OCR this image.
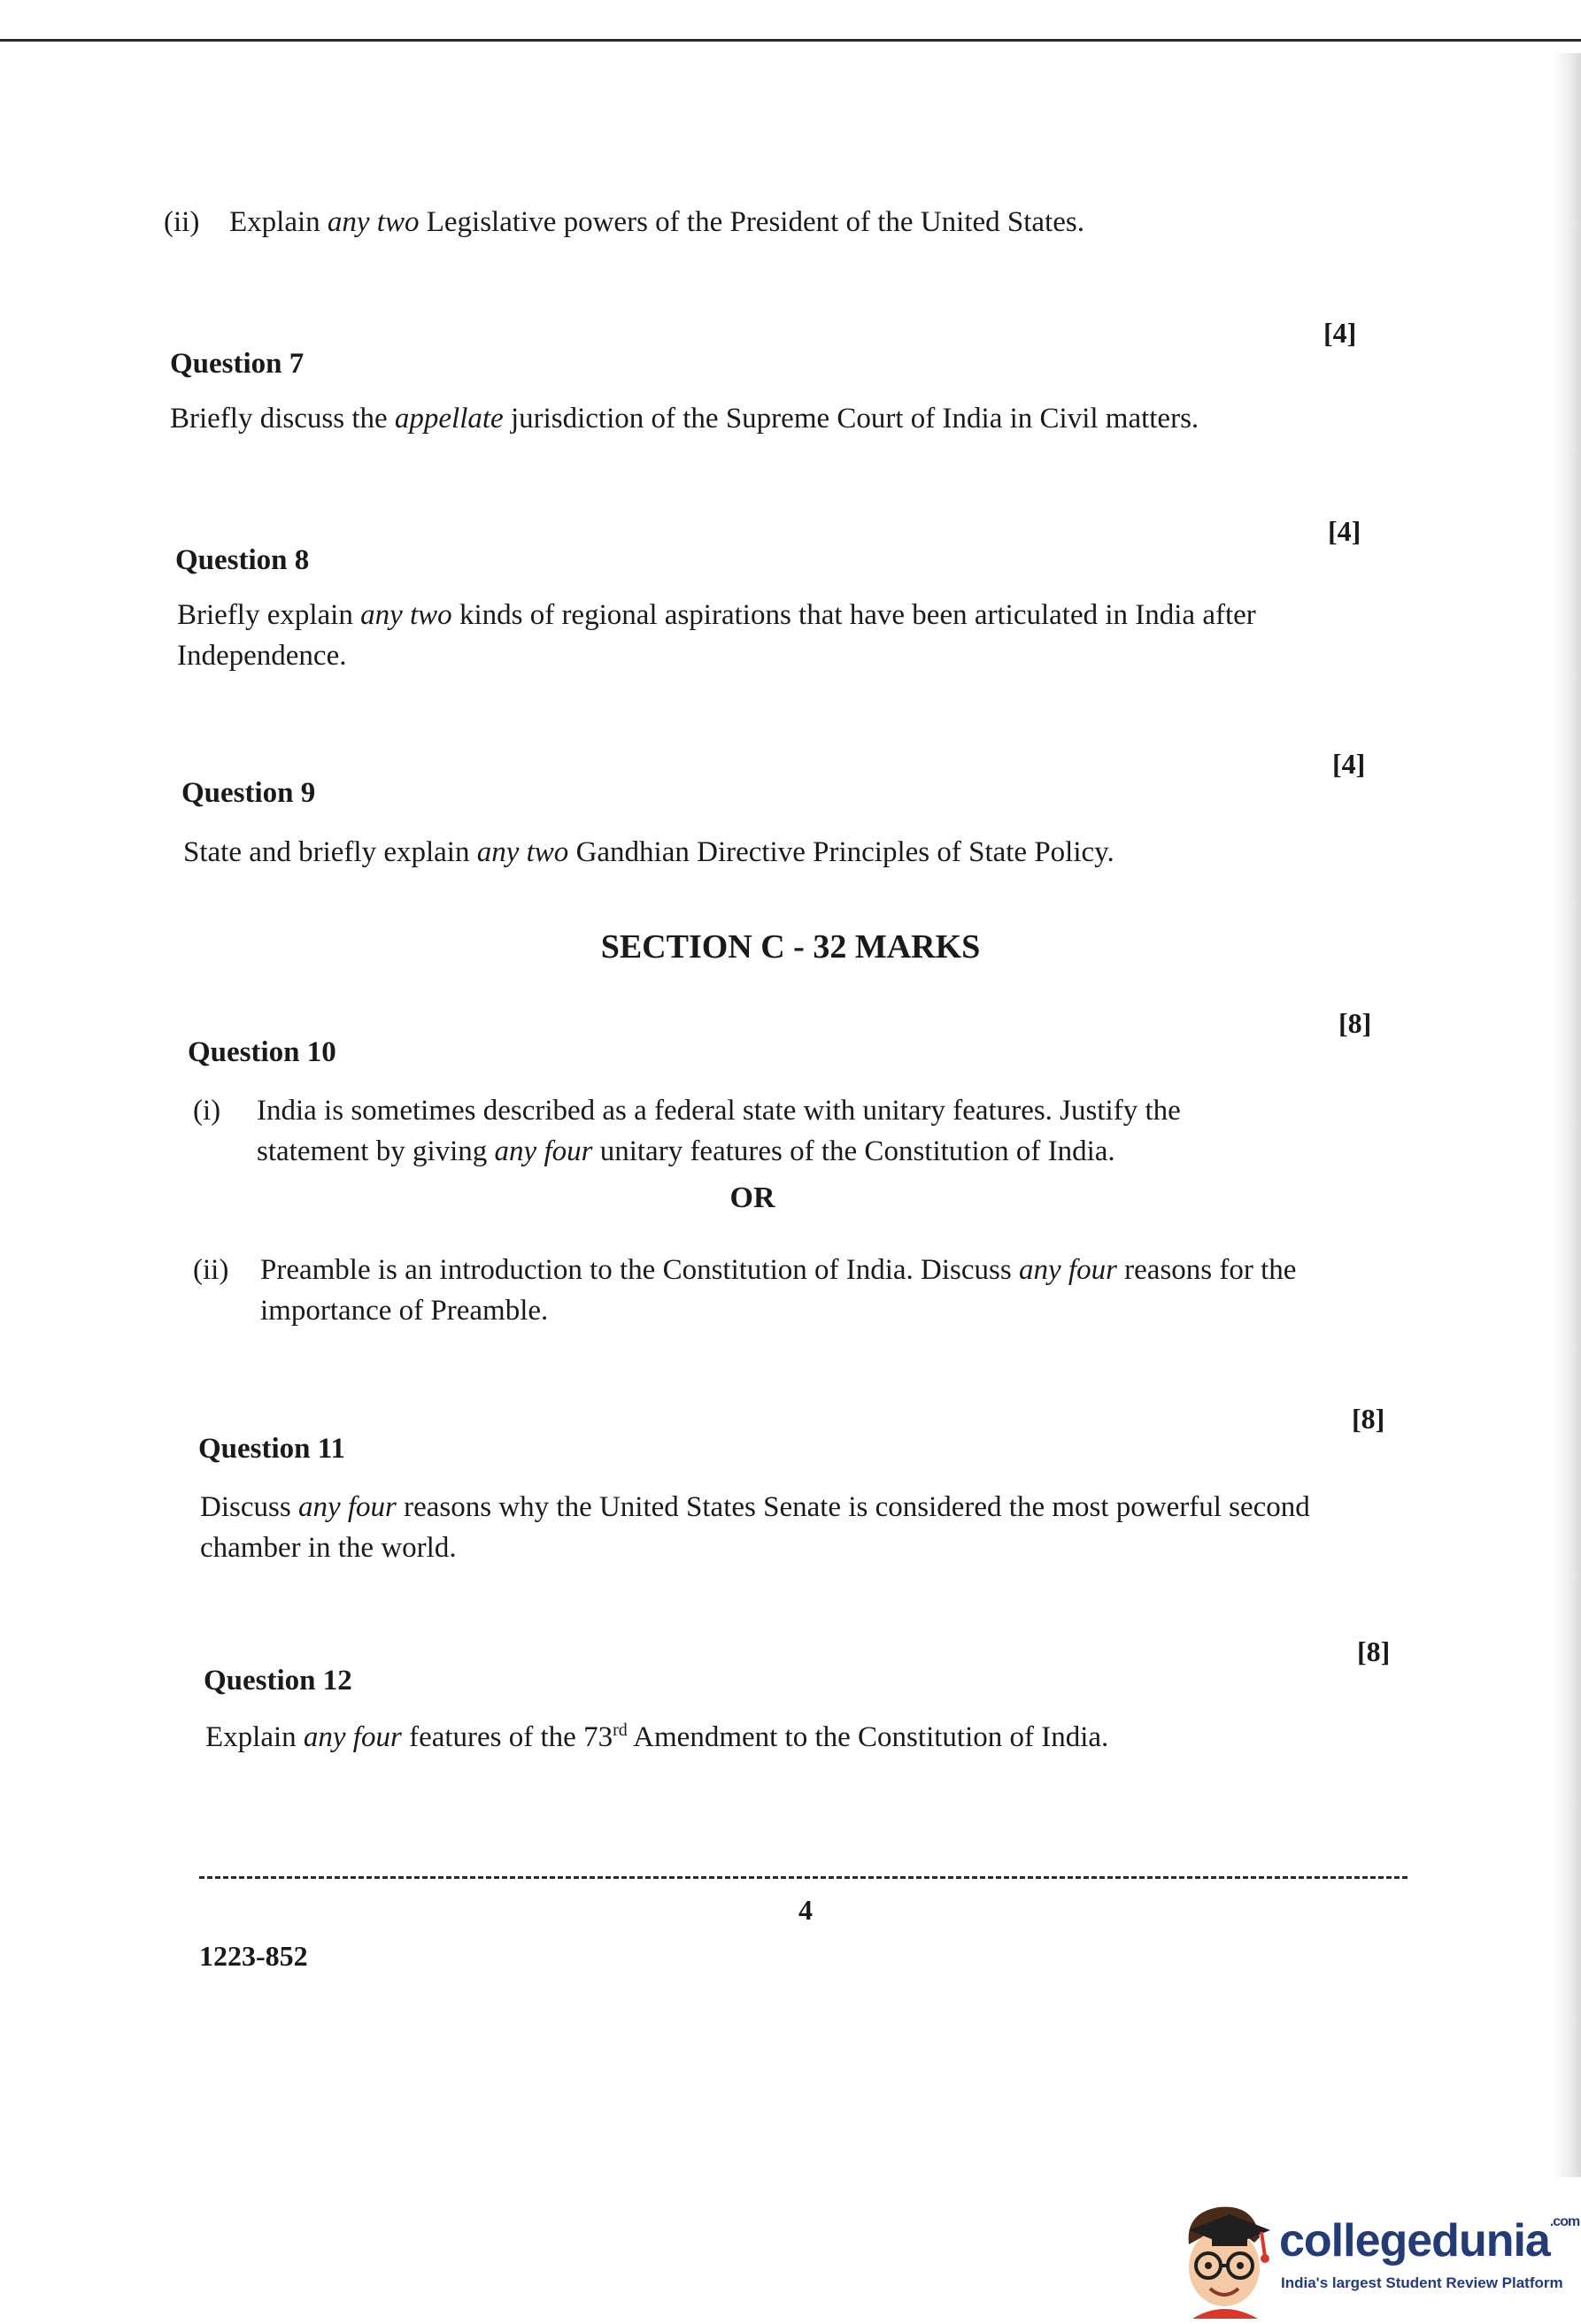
(ii) Explain any two Legislative powers of the President of the United States.
[4]
Question 7
Briefly discuss the appellate jurisdiction of the Supreme Court of India in Civil matters.
[4]
Question 8
Briefly explain any two kinds of regional aspirations that have been articulated in India after Independence.
[4]
Question 9
State and briefly explain any two Gandhian Directive Principles of State Policy.
SECTION C - 32 MARKS
[8]
Question 10
(i)	India is sometimes described as a federal state with unitary features. Justify the statement by giving any four unitary features of the Constitution of India.
OR
(ii)	Preamble is an introduction to the Constitution of India. Discuss any four reasons for the importance of Preamble.
[8]
Question 11
Discuss any four reasons why the United States Senate is considered the most powerful second chamber in the world.
[8]
Question 12
Explain any four features of the 73rd Amendment to the Constitution of India.
4
1223-852
collegedunia$^{.com}$
India's largest Student Review Platform
